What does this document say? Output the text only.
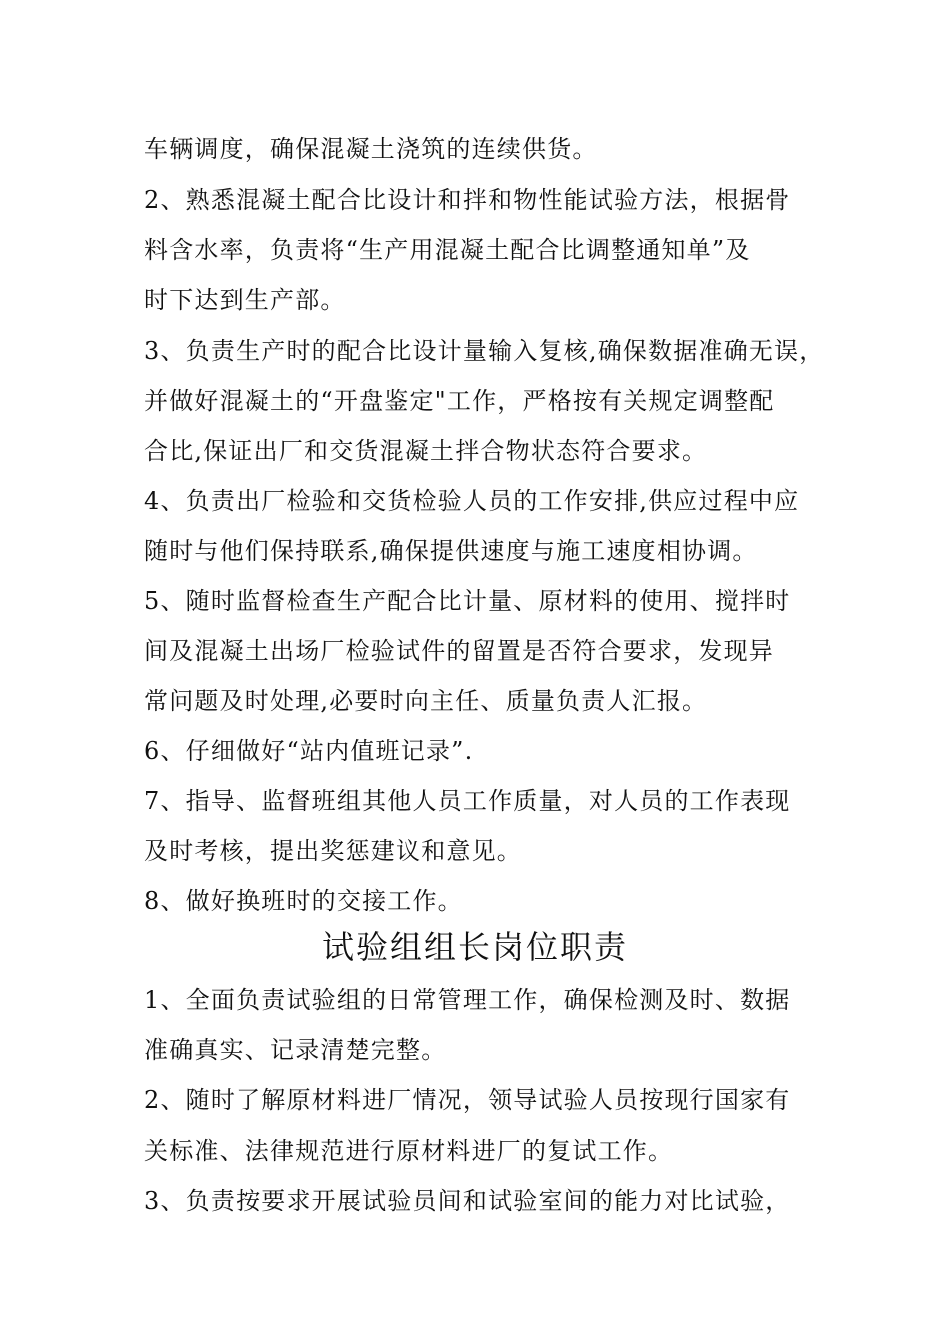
车辆调度，确保混凝土浇筑的连续供货。
2、熟悉混凝土配合比设计和拌和物性能试验方法，根据骨
料含水率，负责将“生产用混凝土配合比调整通知单”及
时下达到生产部。
3、负责生产时的配合比设计量输入复核,确保数据准确无误，
并做好混凝土的“开盘鉴定"工作，严格按有关规定调整配
合比,保证出厂和交货混凝土拌合物状态符合要求。
4、负责出厂检验和交货检验人员的工作安排,供应过程中应
随时与他们保持联系,确保提供速度与施工速度相协调。
5、随时监督检查生产配合比计量、原材料的使用、搅拌时
间及混凝土出场厂检验试件的留置是否符合要求，发现异
常问题及时处理,必要时向主任、质量负责人汇报。
6、仔细做好“站内值班记录”.
7、指导、监督班组其他人员工作质量，对人员的工作表现
及时考核，提出奖惩建议和意见。
8、做好换班时的交接工作。
试验组组长岗位职责
1、全面负责试验组的日常管理工作，确保检测及时、数据
准确真实、记录清楚完整。
2、随时了解原材料进厂情况，领导试验人员按现行国家有
关标准、法律规范进行原材料进厂的复试工作。
3、负责按要求开展试验员间和试验室间的能力对比试验，
